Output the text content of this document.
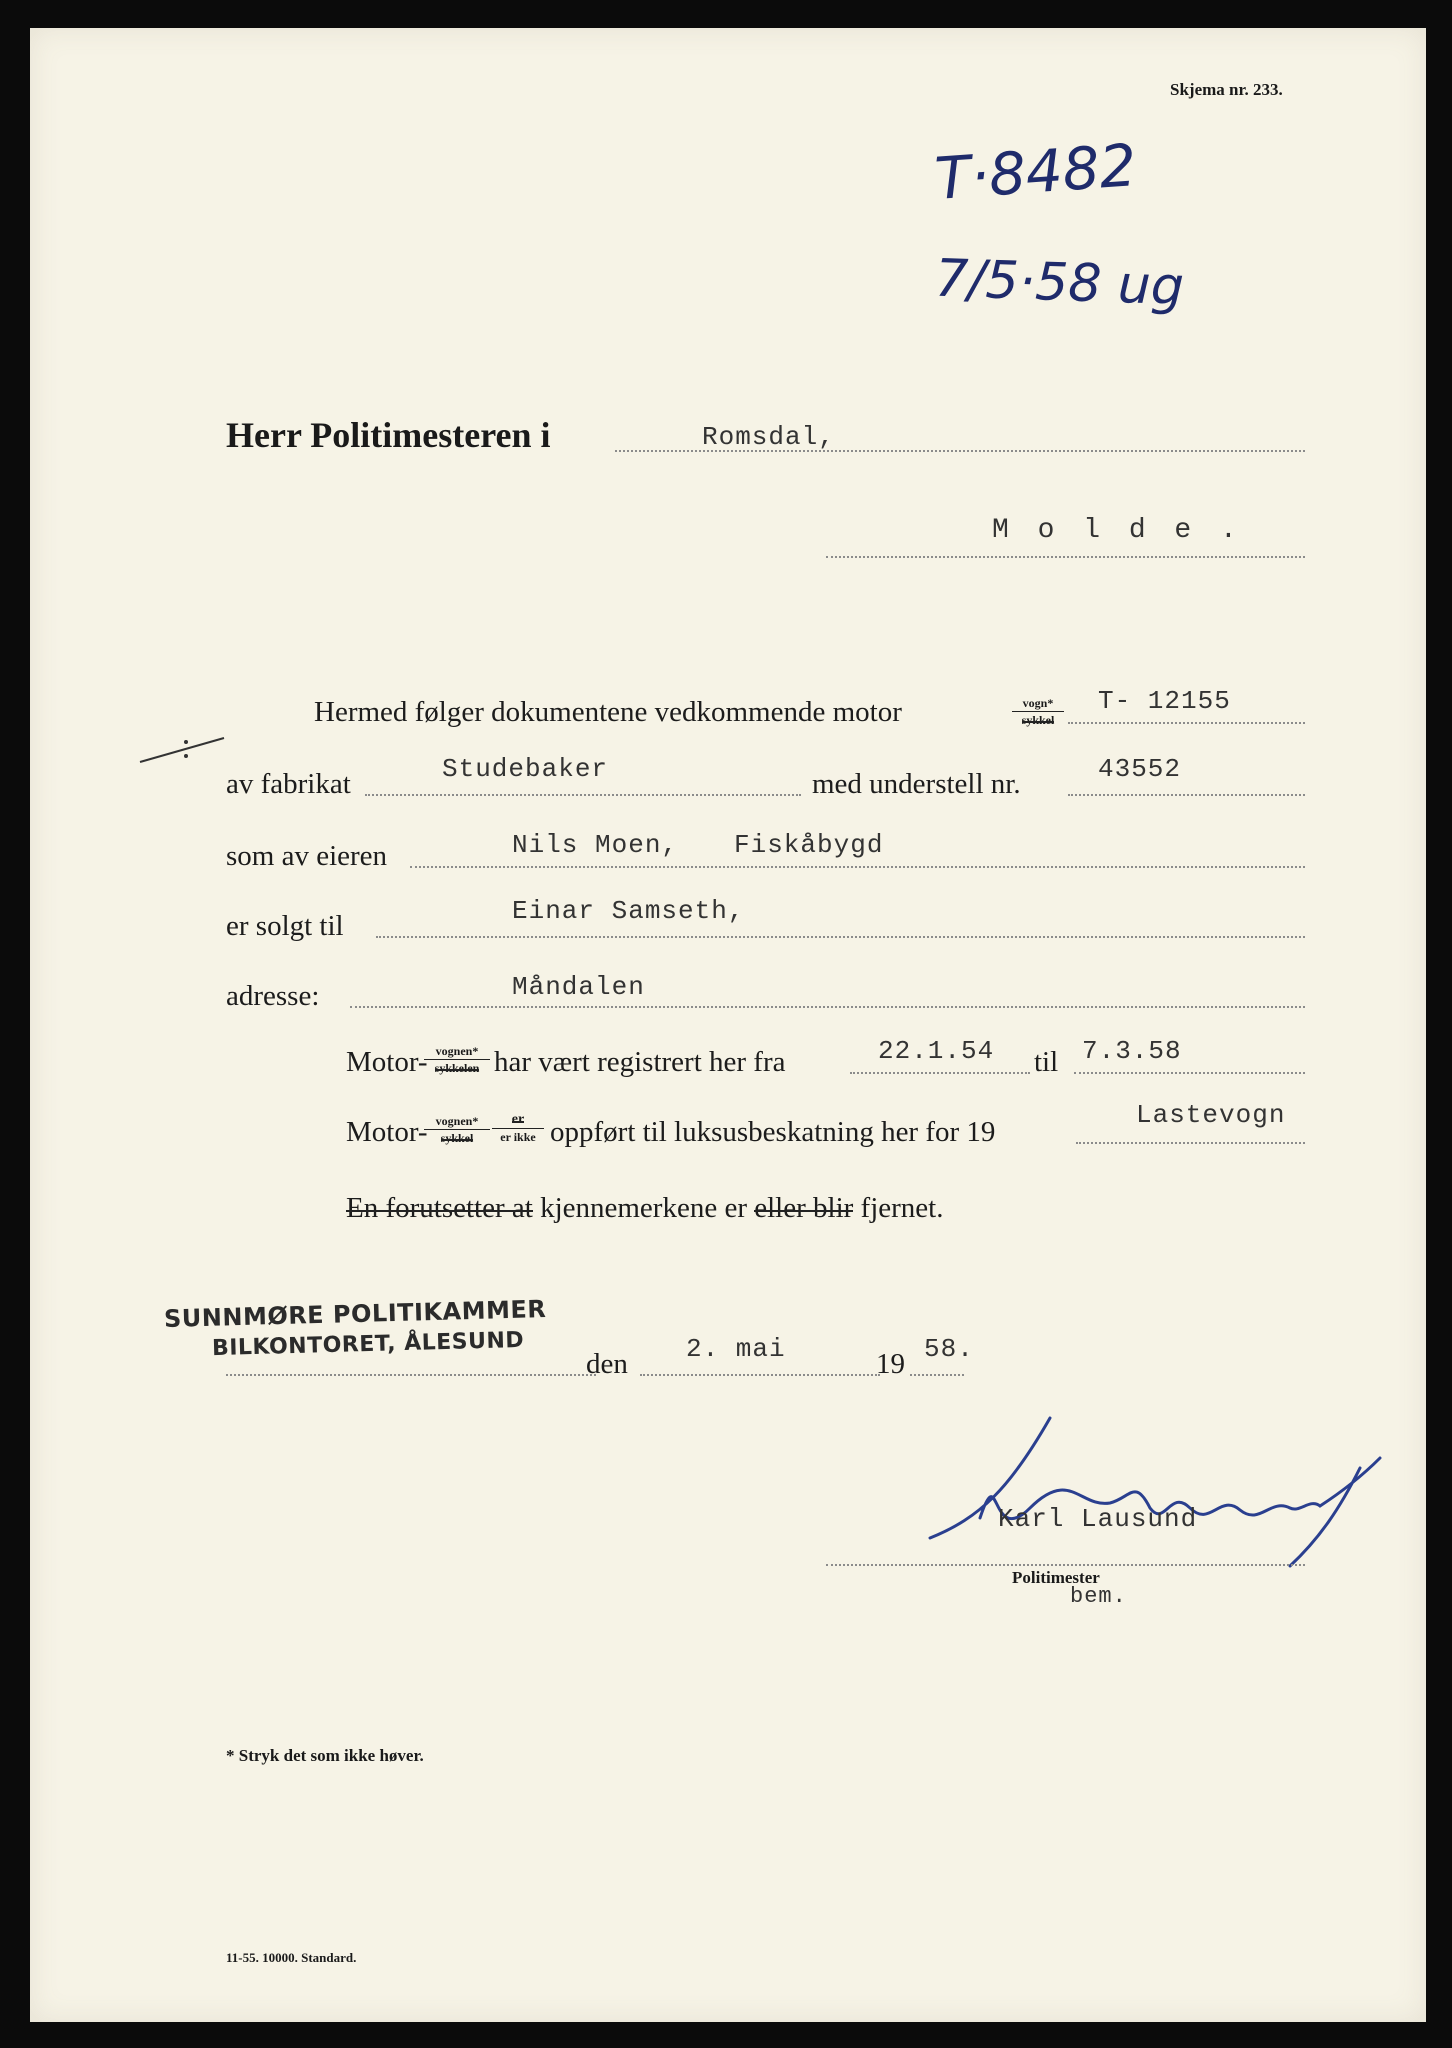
Skjema nr. 233.
T·8482
7/5·58 ug
Herr Politimesteren i	Romsdal,
M o l d e .
Hermed følger dokumentene vedkommende motor	vogn*
sykkel
T- 12155
av fabrikat	Studebaker	med understell nr.	43552
som av eieren	Nils Moen, Fiskåbygd
er solgt til	Einar Samseth,
adresse:	Måndalen
Motor- vognen*
sykkelen har vært registrert her fra	22.1.54 til 7.3.58
Motor- vognen*
sykkel
er
er ikke oppført til luksusbeskatning her for 19
Lastevogn
En forutsetter at kjennemerkene er eller blir fjernet.
SUNNMØRE POLITIKAMMER
BILKONTORET, ÅLESUND
den 2. mai	19 58.
Karl Lausund
Politimester
bem.
* Stryk det som ikke høver.
11-55. 10000. Standard.
